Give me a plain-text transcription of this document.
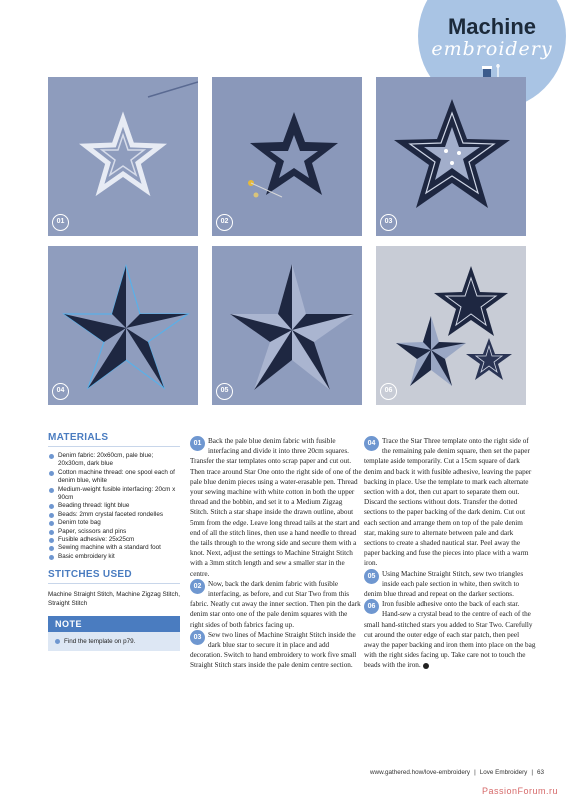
Machine
embroidery
01	02	03
04	05	06
MATERIALS
Denim fabric: 20x60cm, pale blue; 20x30cm, dark blue
Cotton machine thread: one spool each of denim blue, white
Medium-weight fusible interfacing: 20cm x 90cm
Beading thread: light blue
Beads: 2mm crystal faceted rondelles
Denim tote bag
Paper, scissors and pins
Fusible adhesive: 25x25cm
Sewing machine with a standard foot
Basic embroidery kit
STITCHES USED
Machine Straight Stitch, Machine Zigzag Stitch, Straight Stitch
NOTE
Find the template on p79.
01 Back the pale blue denim fabric with fusible interfacing and divide it into three 20cm squares. Transfer the star templates onto scrap paper and cut out. Then trace around Star One onto the right side of one of the pale blue denim pieces using a water-erasable pen. Thread your sewing machine with white cotton in both the upper thread and the bobbin, and set it to a Medium Zigzag Stitch. Stitch a star shape inside the drawn outline, about 5mm from the edge. Leave long thread tails at the start and end of all the stitch lines, then use a hand needle to thread the tails through to the wrong side and secure them with a knot. Next, adjust the settings to Machine Straight Stitch with a 3mm stitch length and sew a smaller star in the centre.
02 Now, back the dark denim fabric with fusible interfacing, as before, and cut Star Two from this fabric. Neatly cut away the inner section. Then pin the dark denim star onto one of the pale denim squares with the right sides of both fabrics facing up.
03 Sew two lines of Machine Straight Stitch inside the dark blue star to secure it in place and add decoration. Switch to hand embroidery to work five small Straight Stitch stars inside the pale denim centre section.
04 Trace the Star Three template onto the right side of the remaining pale denim square, then set the paper template aside temporarily. Cut a 15cm square of dark denim and back it with fusible adhesive, leaving the paper backing in place. Use the template to mark each alternate section with a dot, then cut apart to separate them out. Discard the sections without dots. Transfer the dotted sections to the paper backing of the dark denim. Cut out each section and arrange them on top of the pale denim star, making sure to alternate between pale and dark sections to create a shaded nautical star. Peel away the paper backing and fuse the pieces into place with a warm iron.
05 Using Machine Straight Stitch, sew two triangles inside each pale section in white, then switch to denim blue thread and repeat on the darker sections.
06 Iron fusible adhesive onto the back of each star. Hand-sew a crystal bead to the centre of each of the small hand-stitched stars you added to Star Two. Carefully cut around the outer edge of each star patch, then peel away the paper backing and iron them into place on the bag with the right sides facing up. Take care not to touch the beads with the iron.
www.gathered.how/love-embroidery | Love Embroidery | 63
PassionForum.ru
